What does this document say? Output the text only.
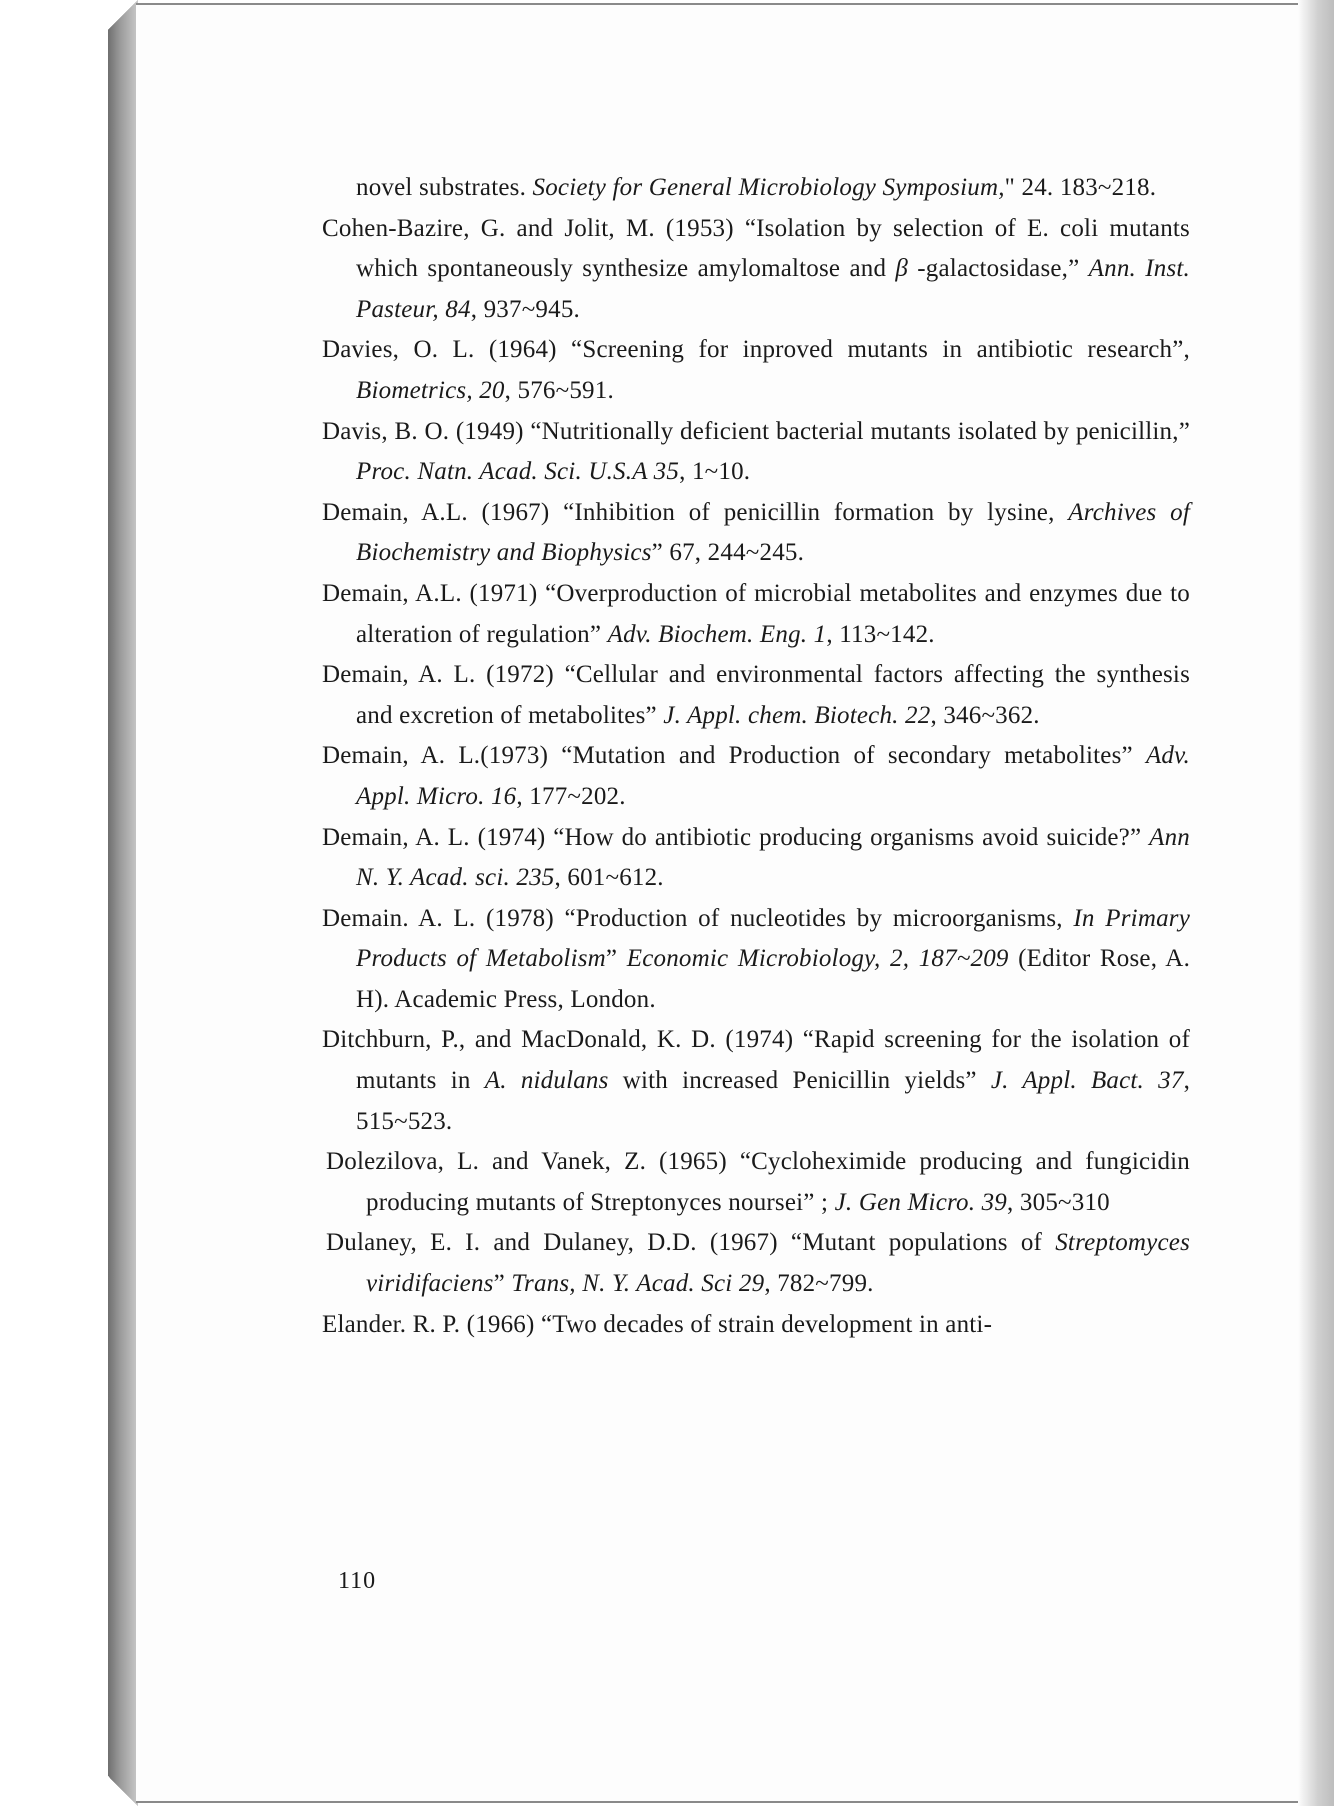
novel substrates. Society for General Microbiology Symposium," 24. 183~218.

Cohen-Bazire, G. and Jolit, M. (1953) “Isolation by selection of E. coli mutants which spontaneously synthesize amylomaltose and β -galactosidase,” Ann. Inst. Pasteur, 84, 937~945.

Davies, O. L. (1964) “Screening for inproved mutants in antibiotic research”, Biometrics, 20, 576~591.

Davis, B. O. (1949) “Nutritionally deficient bacterial mutants isolated by penicillin,” Proc. Natn. Acad. Sci. U.S.A 35, 1~10.

Demain, A.L. (1967) “Inhibition of penicillin formation by lysine, Archives of Biochemistry and Biophysics” 67, 244~245.

Demain, A.L. (1971) “Overproduction of microbial metabolites and enzymes due to alteration of regulation” Adv. Biochem. Eng. 1, 113~142.

Demain, A. L. (1972) “Cellular and environmental factors affecting the synthesis and excretion of metabolites” J. Appl. chem. Biotech. 22, 346~362.

Demain, A. L.(1973) “Mutation and Production of secondary metabolites” Adv. Appl. Micro. 16, 177~202.

Demain, A. L. (1974) “How do antibiotic producing organisms avoid suicide?” Ann N. Y. Acad. sci. 235, 601~612.

Demain. A. L. (1978) “Production of nucleotides by microorganisms, In Primary Products of Metabolism” Economic Microbiology, 2, 187~209 (Editor Rose, A. H). Academic Press, London.

Ditchburn, P., and MacDonald, K. D. (1974) “Rapid screening for the isolation of mutants in A. nidulans with increased Penicillin yields” J. Appl. Bact. 37, 515~523.

Dolezilova, L. and Vanek, Z. (1965) “Cycloheximide producing and fungicidin producing mutants of Streptonyces noursei” ; J. Gen Micro. 39, 305~310

Dulaney, E. I. and Dulaney, D.D. (1967) “Mutant populations of Streptomyces viridifaciens” Trans, N. Y. Acad. Sci 29, 782~799.

Elander. R. P. (1966) “Two decades of strain development in anti-

110
